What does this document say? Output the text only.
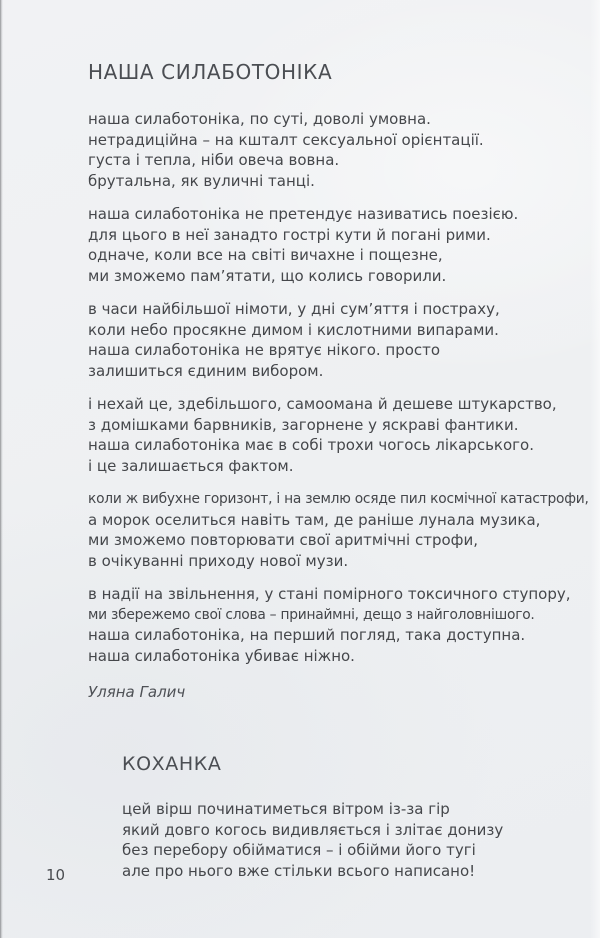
НАША СИЛАБОТОНІКА
наша силаботоніка, по суті, доволі умовна.
нетрадиційна – на кшталт сексуальної орієнтації.
густа і тепла, ніби овеча вовна.
брутальна, як вуличні танці.
наша силаботоніка не претендує називатись поезією.
для цього в неї занадто гострі кути й погані рими.
одначе, коли все на світі вичахне і пощезне,
ми зможемо пам’ятати, що колись говорили.
в часи найбільшої німоти, у дні сум’яття і постраху,
коли небо просякне димом і кислотними випарами.
наша силаботоніка не врятує нікого. просто
залишиться єдиним вибором.
і нехай це, здебільшого, самоомана й дешеве штукарство,
з домішками барвників, загорнене у яскраві фантики.
наша силаботоніка має в собі трохи чогось лікарського.
і це залишається фактом.
коли ж вибухне горизонт, і на землю осяде пил космічної катастрофи,
а морок оселиться навіть там, де раніше лунала музика,
ми зможемо повторювати свої аритмічні строфи,
в очікуванні приходу нової музи.
в надії на звільнення, у стані помірного токсичного ступору,
ми збережемо свої слова – принаймні, дещо з найголовнішого.
наша силаботоніка, на перший погляд, така доступна.
наша силаботоніка убиває ніжно.
Уляна Галич
КОХАНКА
цей вірш починатиметься вітром із-за гір
який довго когось видивляється і злітає донизу
без перебору обійматися – і обійми його тугі
але про нього вже стільки всього написано!
10
